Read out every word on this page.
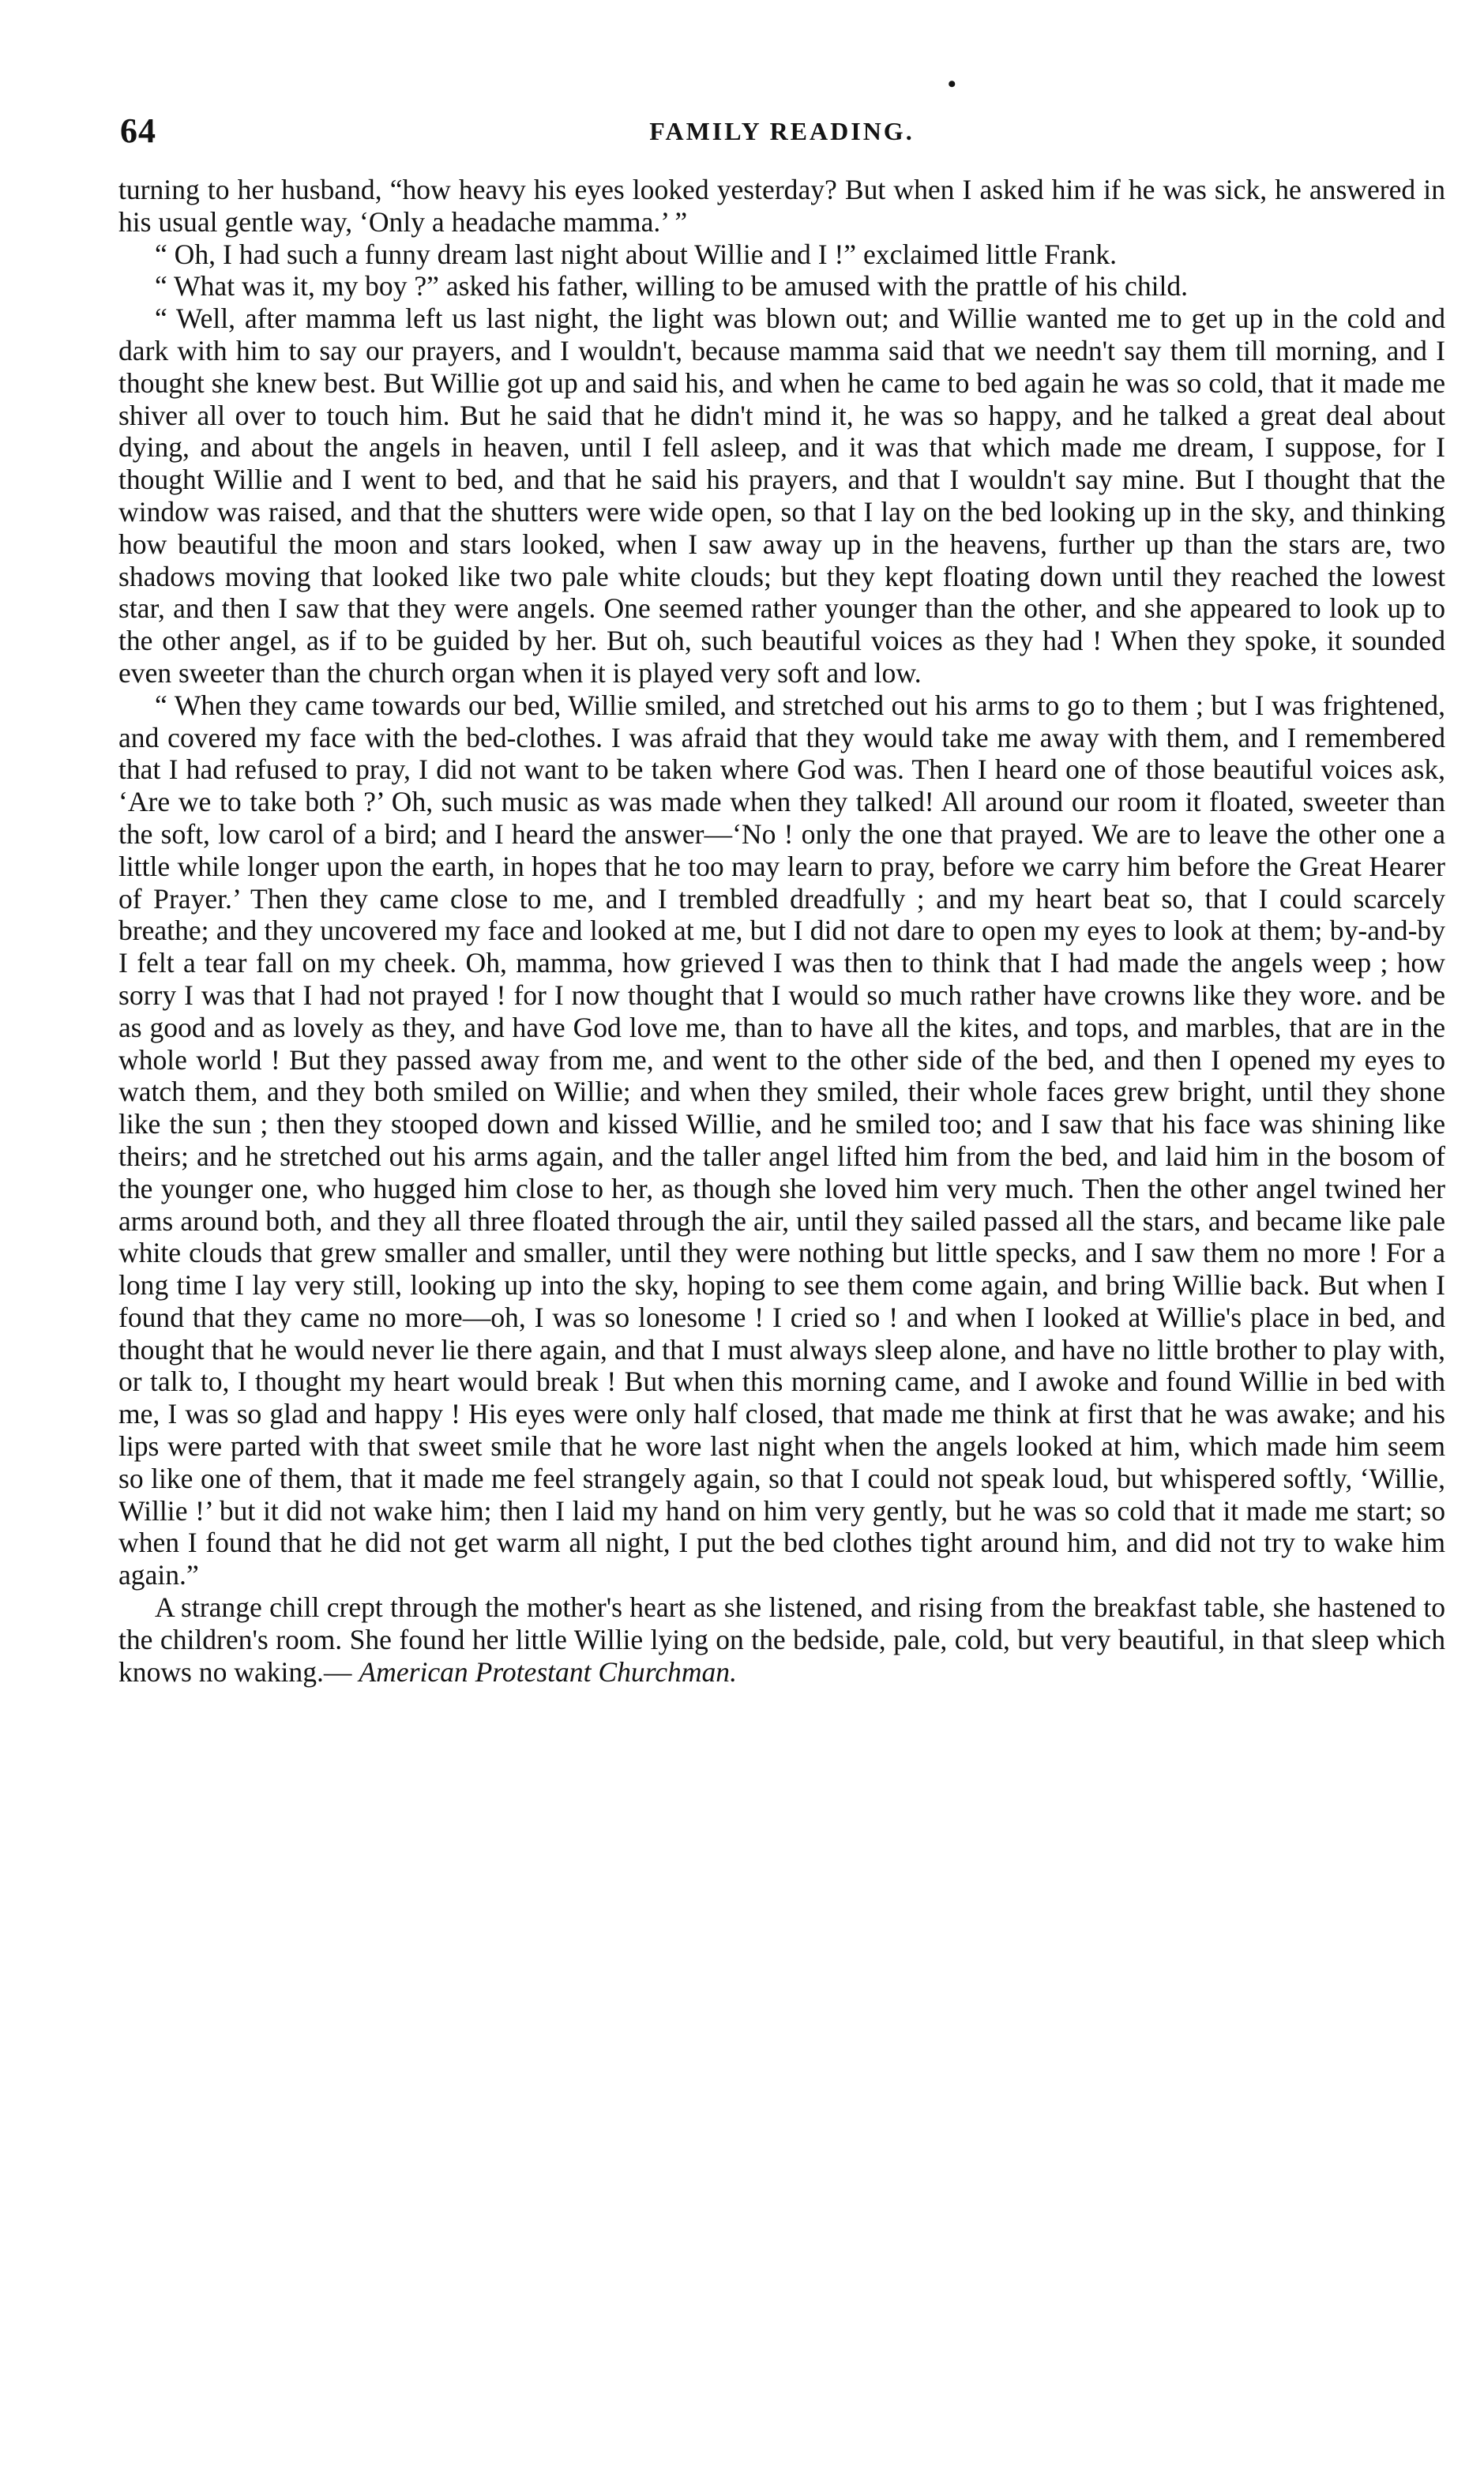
•
64	FAMILY READING.

turning to her husband, “how heavy his eyes looked yesterday? But when I asked him if he was sick, he answered in his usual gentle way, ‘Only a headache mamma.’ ”

“ Oh, I had such a funny dream last night about Willie and I !” exclaimed little Frank.

“ What was it, my boy ?” asked his father, willing to be amused with the prattle of his child.

“ Well, after mamma left us last night, the light was blown out; and Willie wanted me to get up in the cold and dark with him to say our prayers, and I wouldn't, because mamma said that we needn't say them till morning, and I thought she knew best. But Willie got up and said his, and when he came to bed again he was so cold, that it made me shiver all over to touch him. But he said that he didn't mind it, he was so happy, and he talked a great deal about dying, and about the angels in heaven, until I fell asleep, and it was that which made me dream, I suppose, for I thought Willie and I went to bed, and that he said his prayers, and that I wouldn't say mine. But I thought that the window was raised, and that the shutters were wide open, so that I lay on the bed looking up in the sky, and thinking how beautiful the moon and stars looked, when I saw away up in the heavens, further up than the stars are, two shadows moving that looked like two pale white clouds; but they kept floating down until they reached the lowest star, and then I saw that they were angels. One seemed rather younger than the other, and she appeared to look up to the other angel, as if to be guided by her. But oh, such beautiful voices as they had ! When they spoke, it sounded even sweeter than the church organ when it is played very soft and low.

“ When they came towards our bed, Willie smiled, and stretched out his arms to go to them ; but I was frightened, and covered my face with the bed-clothes. I was afraid that they would take me away with them, and I remembered that I had refused to pray, I did not want to be taken where God was. Then I heard one of those beautiful voices ask, ‘Are we to take both ?’ Oh, such music as was made when they talked! All around our room it floated, sweeter than the soft, low carol of a bird; and I heard the answer—‘No ! only the one that prayed. We are to leave the other one a little while longer upon the earth, in hopes that he too may learn to pray, before we carry him before the Great Hearer of Prayer.’ Then they came close to me, and I trembled dreadfully ; and my heart beat so, that I could scarcely breathe; and they uncovered my face and looked at me, but I did not dare to open my eyes to look at them; by-and-by I felt a tear fall on my cheek. Oh, mamma, how grieved I was then to think that I had made the angels weep ; how sorry I was that I had not prayed ! for I now thought that I would so much rather have crowns like they wore. and be as good and as lovely as they, and have God love me, than to have all the kites, and tops, and marbles, that are in the whole world ! But they passed away from me, and went to the other side of the bed, and then I opened my eyes to watch them, and they both smiled on Willie; and when they smiled, their whole faces grew bright, until they shone like the sun ; then they stooped down and kissed Willie, and he smiled too; and I saw that his face was shining like theirs; and he stretched out his arms again, and the taller angel lifted him from the bed, and laid him in the bosom of the younger one, who hugged him close to her, as though she loved him very much. Then the other angel twined her arms around both, and they all three floated through the air, until they sailed passed all the stars, and became like pale white clouds that grew smaller and smaller, until they were nothing but little specks, and I saw them no more ! For a long time I lay very still, looking up into the sky, hoping to see them come again, and bring Willie back. But when I found that they came no more—oh, I was so lonesome ! I cried so ! and when I looked at Willie's place in bed, and thought that he would never lie there again, and that I must always sleep alone, and have no little brother to play with, or talk to, I thought my heart would break ! But when this morning came, and I awoke and found Willie in bed with me, I was so glad and happy ! His eyes were only half closed, that made me think at first that he was awake; and his lips were parted with that sweet smile that he wore last night when the angels looked at him, which made him seem so like one of them, that it made me feel strangely again, so that I could not speak loud, but whispered softly, ‘Willie, Willie !’ but it did not wake him; then I laid my hand on him very gently, but he was so cold that it made me start; so when I found that he did not get warm all night, I put the bed clothes tight around him, and did not try to wake him again.”

A strange chill crept through the mother's heart as she listened, and rising from the breakfast table, she hastened to the children's room. She found her little Willie lying on the bedside, pale, cold, but very beautiful, in that sleep which knows no waking.— American Protestant Churchman.
